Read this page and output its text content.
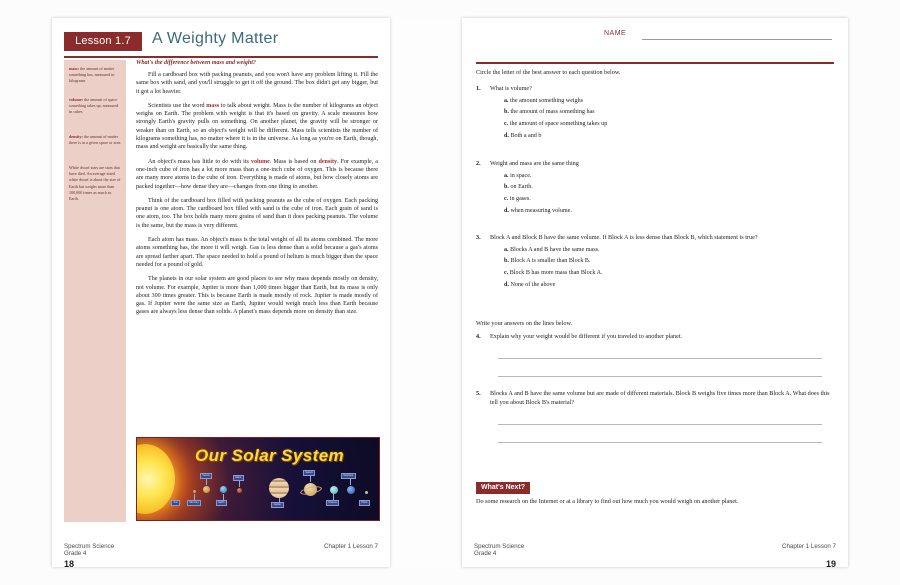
Lesson 1.7	A Weighty Matter
mass: the amount of matter something has, measured in kilograms
volume: the amount of space something takes up, measured in cubes
density: the amount of matter there is in a given space or area
White dwarf stars are stars that have died. An average-sized white dwarf is about the size of Earth but weighs more than 100,000 times as much as Earth.
What's the difference between mass and weight?
Fill a cardboard box with packing peanuts, and you won't have any problem lifting it. Fill the same box with sand, and you'll struggle to get it off the ground. The box didn't get any bigger, but it got a lot heavier.
Scientists use the word mass to talk about weight. Mass is the number of kilograms an object weighs on Earth. The problem with weight is that it's based on gravity. A scale measures how strongly Earth's gravity pulls on something. On another planet, the gravity will be stronger or weaker than on Earth, so an object's weight will be different. Mass tells scientists the number of kilograms something has, no matter where it is in the universe. As long as you're on Earth, though, mass and weight are basically the same thing.
An object's mass has little to do with its volume. Mass is based on density. For example, a one-inch cube of iron has a lot more mass than a one-inch cube of oxygen. This is because there are many more atoms in the cube of iron. Everything is made of atoms, but how closely atoms are packed together—how dense they are—changes from one thing to another.
Think of the cardboard box filled with packing peanuts as the cube of oxygen. Each packing peanut is one atom. The cardboard box filled with sand is the cube of iron. Each grain of sand is one atom, too. The box holds many more grains of sand than it does packing peanuts. The volume is the same, but the mass is very different.
Each atom has mass. An object's mass is the total weight of all its atoms combined. The more atoms something has, the more it will weigh. Gas is less dense than a solid because a gas's atoms are spread farther apart. The space needed to hold a pound of helium is much bigger than the space needed for a pound of gold.
The planets in our solar system are good places to see why mass depends mostly on density, not volume. For example, Jupiter is more than 1,000 times bigger than Earth, but its mass is only about 300 times greater. This is because Earth is made mostly of rock. Jupiter is made mostly of gas. If Jupiter were the same size as Earth, Jupiter would weigh much less than Earth because gases are always less dense than solids. A planet's mass depends more on density than size.
Our Solar System
Sun	Mercury
Venus
Earth
Mars
Jupiter
Saturn
Uranus
Neptune
Pluto
Spectrum Science
Grade 4
Chapter 1 Lesson 7
18
NAME
Circle the letter of the best answer to each question below.
1.	What is volume?
a. the amount something weighs
b. the amount of mass something has
c. the amount of space something takes up
d. Both a and b
2.	Weight and mass are the same thing
a. in space.
b. on Earth.
c. in gases.
d. when measuring volume.
3.	Block A and Block B have the same volume. If Block A is less dense than Block B, which statement is true?
a. Blocks A and B have the same mass.
b. Block A is smaller than Block B.
c. Block B has more mass than Block A.
d. None of the above
Write your answers on the lines below.
4.	Explain why your weight would be different if you traveled to another planet.
5.	Blocks A and B have the same volume but are made of different materials. Block B weighs five times more than Block A. What does this tell you about Block B's material?
What's Next?
Do some research on the Internet or at a library to find out how much you would weigh on another planet.
Spectrum Science
Grade 4
Chapter 1 Lesson 7
19
